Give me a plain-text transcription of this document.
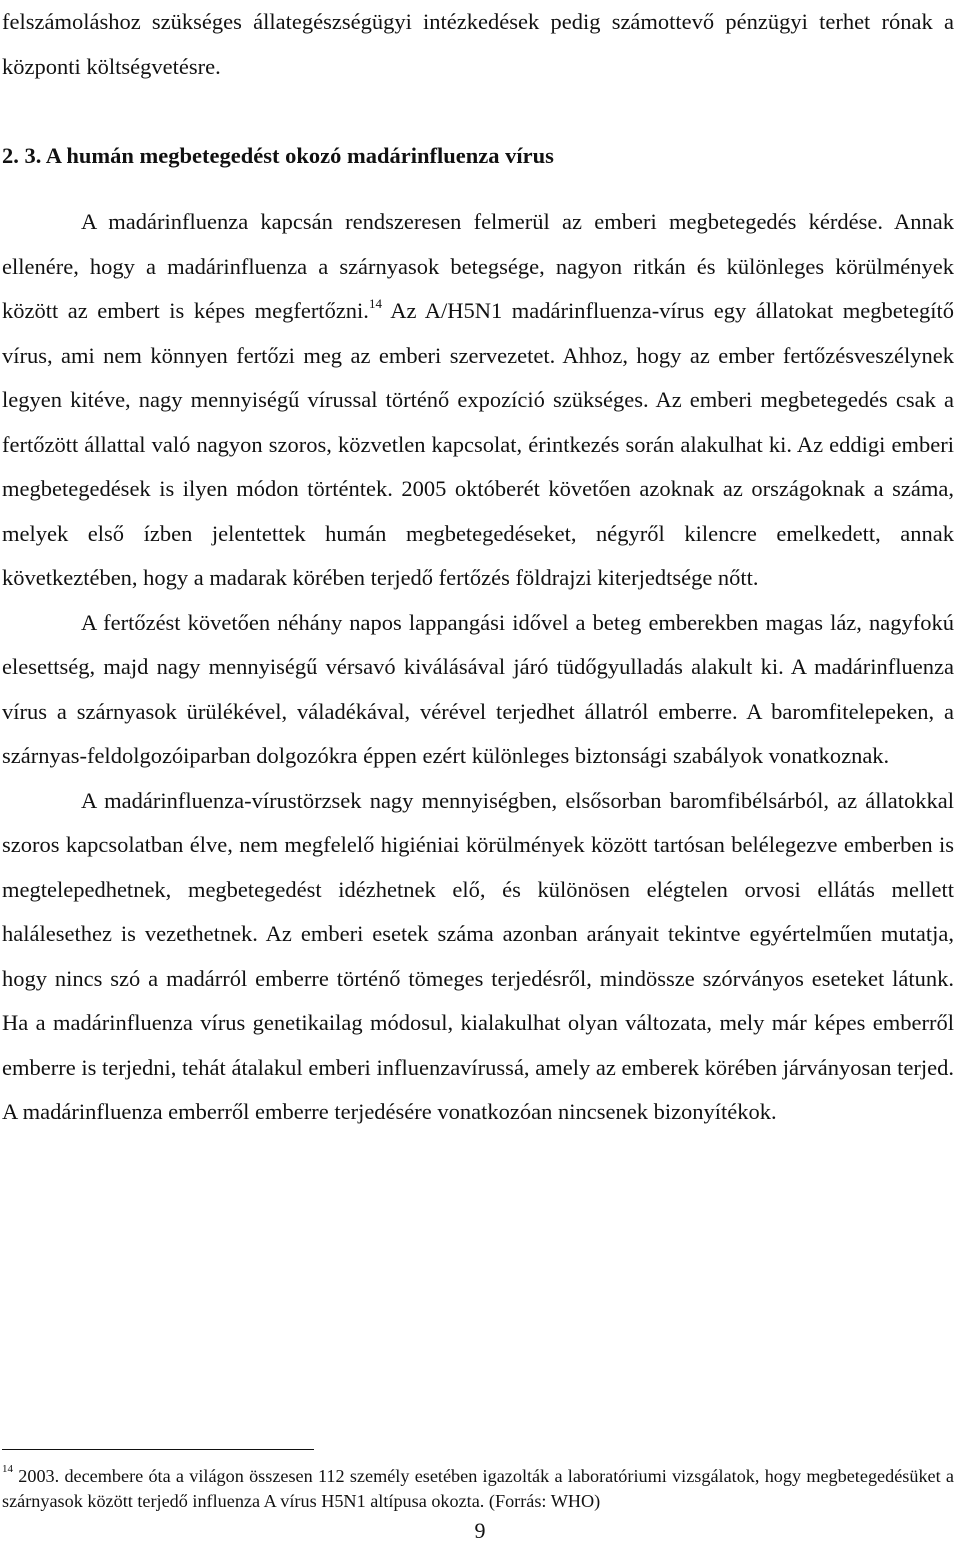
felszámoláshoz szükséges állategészségügyi intézkedések pedig számottevő pénzügyi terhet rónak a központi költségvetésre.

2. 3. A humán megbetegedést okozó madárinfluenza vírus

A madárinfluenza kapcsán rendszeresen felmerül az emberi megbetegedés kérdése. Annak ellenére, hogy a madárinfluenza a szárnyasok betegsége, nagyon ritkán és különleges körülmények között az embert is képes megfertőzni.$^{14}$ Az A/H5N1 madárinfluenza-vírus egy állatokat megbetegítő vírus, ami nem könnyen fertőzi meg az emberi szervezetet. Ahhoz, hogy az ember fertőzésveszélynek legyen kitéve, nagy mennyiségű vírussal történő expozíció szükséges. Az emberi megbetegedés csak a fertőzött állattal való nagyon szoros, közvetlen kapcsolat, érintkezés során alakulhat ki. Az eddigi emberi megbetegedések is ilyen módon történtek. 2005 októberét követően azoknak az országoknak a száma, melyek első ízben jelentettek humán megbetegedéseket, négyről kilencre emelkedett, annak következtében, hogy a madarak körében terjedő fertőzés földrajzi kiterjedtsége nőtt.

A fertőzést követően néhány napos lappangási idővel a beteg emberekben magas láz, nagyfokú elesettség, majd nagy mennyiségű vérsavó kiválásával járó tüdőgyulladás alakult ki. A madárinfluenza vírus a szárnyasok ürülékével, váladékával, vérével terjedhet állatról emberre. A baromfitelepeken, a szárnyas-feldolgozóiparban dolgozókra éppen ezért különleges biztonsági szabályok vonatkoznak.

A madárinfluenza-vírustörzsek nagy mennyiségben, elsősorban baromfibélsárból, az állatokkal szoros kapcsolatban élve, nem megfelelő higiéniai körülmények között tartósan belélegezve emberben is megtelepedhetnek, megbetegedést idézhetnek elő, és különösen elégtelen orvosi ellátás mellett halálesethez is vezethetnek. Az emberi esetek száma azonban arányait tekintve egyértelműen mutatja, hogy nincs szó a madárról emberre történő tömeges terjedésről, mindössze szórványos eseteket látunk. Ha a madárinfluenza vírus genetikailag módosul, kialakulhat olyan változata, mely már képes emberről emberre is terjedni, tehát átalakul emberi influenzavírussá, amely az emberek körében járványosan terjed. A madárinfluenza emberről emberre terjedésére vonatkozóan nincsenek bizonyítékok.

$^{14}$ 2003. decembere óta a világon összesen 112 személy esetében igazolták a laboratóriumi vizsgálatok, hogy megbetegedésüket a szárnyasok között terjedő influenza A vírus H5N1 altípusa okozta. (Forrás: WHO)

9
